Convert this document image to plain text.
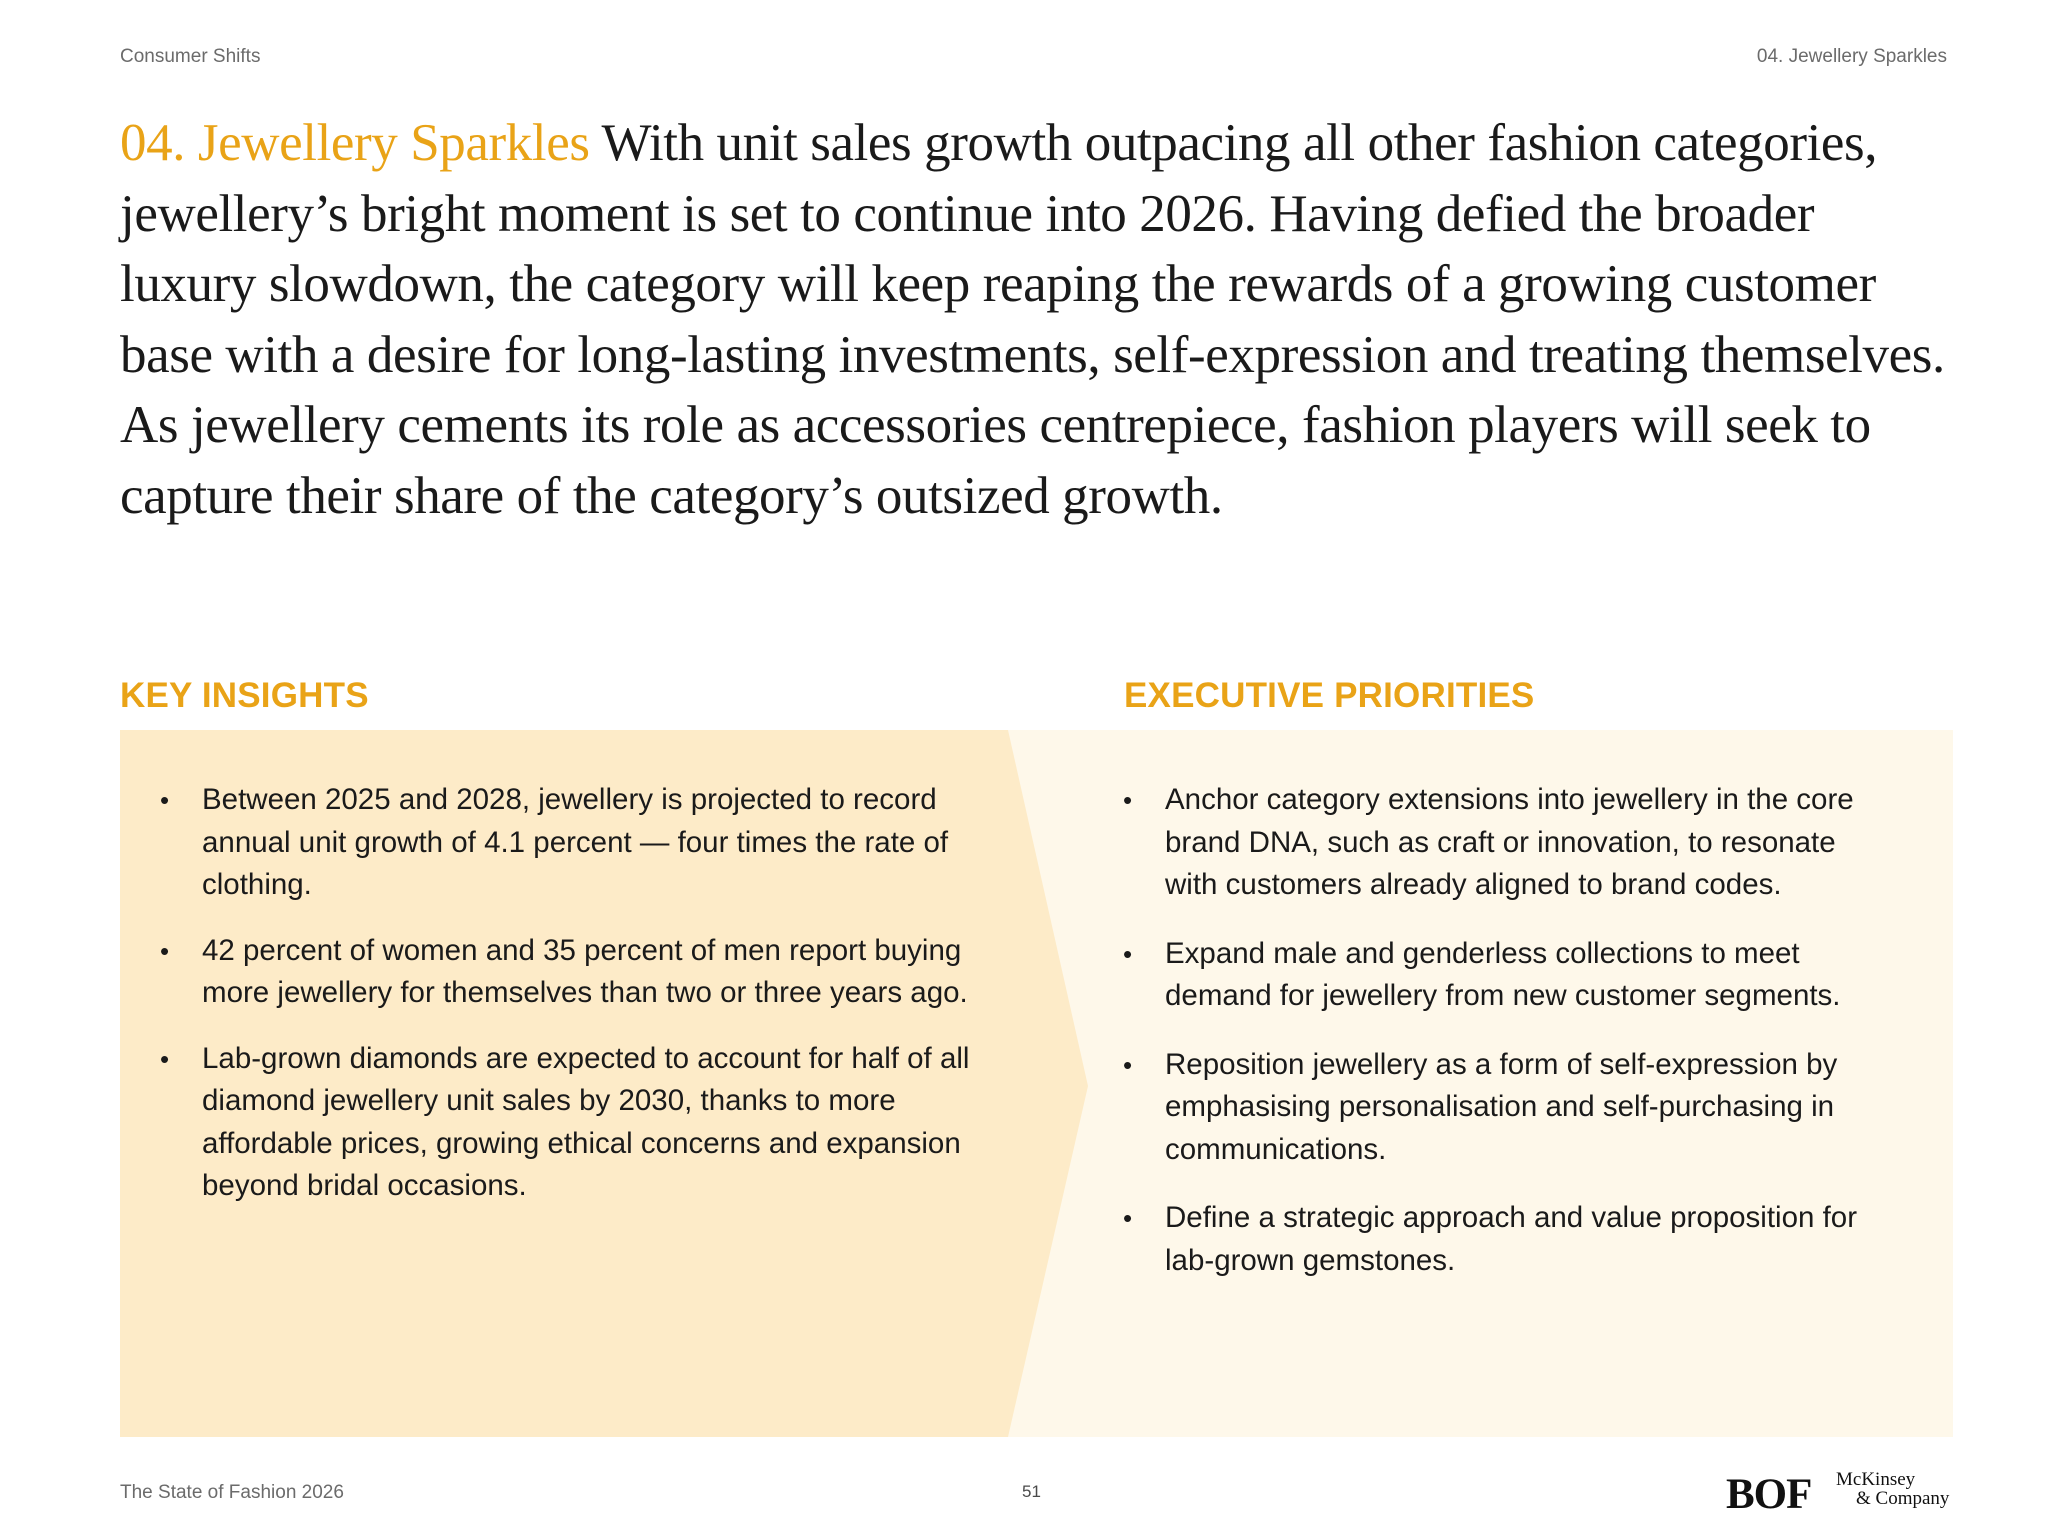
Consumer Shifts	04. Jewellery Sparkles

04. Jewellery Sparkles With unit sales growth outpacing all other fashion categories, jewellery’s bright moment is set to continue into 2026. Having defied the broader luxury slowdown, the category will keep reaping the rewards of a growing customer base with a desire for long-lasting investments, self-expression and treating themselves. As jewellery cements its role as accessories centrepiece, fashion players will seek to capture their share of the category’s outsized growth.

KEY INSIGHTS	EXECUTIVE PRIORITIES
• Between 2025 and 2028, jewellery is projected to record annual unit growth of 4.1 percent — four times the rate of clothing.
• 42 percent of women and 35 percent of men report buying more jewellery for themselves than two or three years ago.
• Lab-grown diamonds are expected to account for half of all diamond jewellery unit sales by 2030, thanks to more affordable prices, growing ethical concerns and expansion beyond bridal occasions.
• Anchor category extensions into jewellery in the core brand DNA, such as craft or innovation, to resonate with customers already aligned to brand codes.
• Expand male and genderless collections to meet demand for jewellery from new customer segments.
• Reposition jewellery as a form of self-expression by emphasising personalisation and self-purchasing in communications.
• Define a strategic approach and value proposition for lab-grown gemstones.
The State of Fashion 2026	51	BOF McKinsey
& Company
